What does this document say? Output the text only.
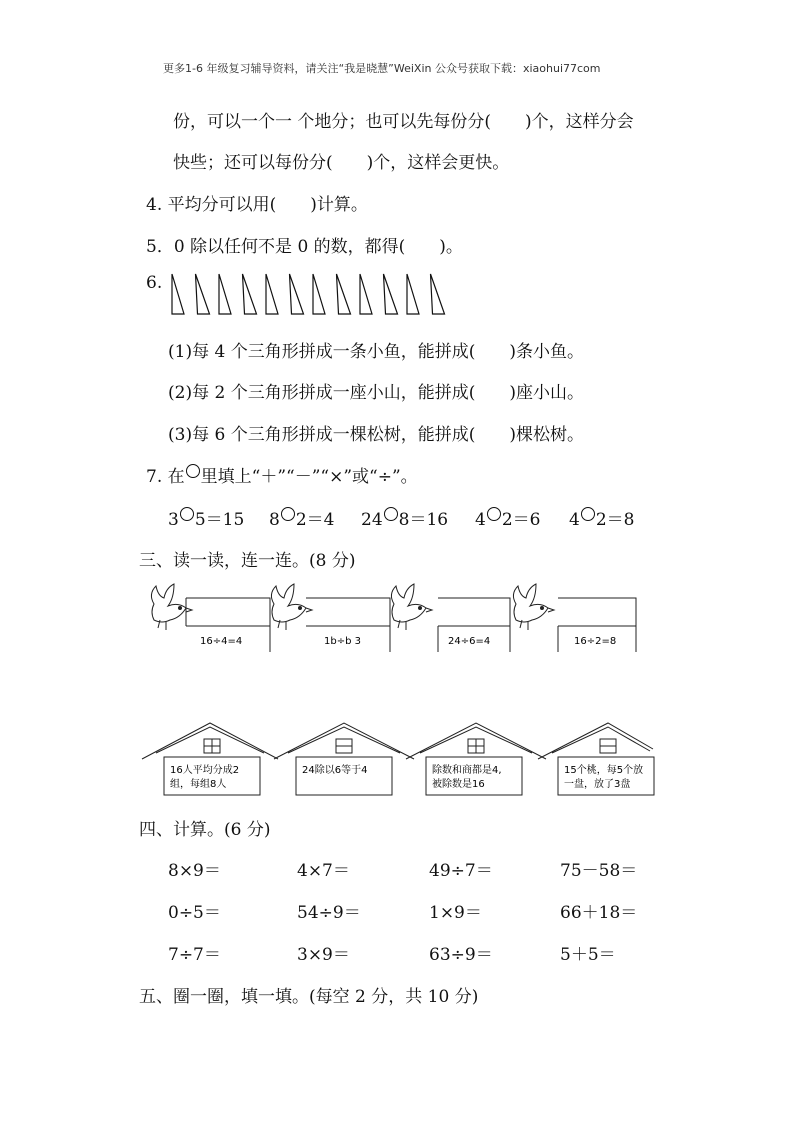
更多1-6 年级复习辅导资料，请关注“我是晓慧”WeiXin 公众号获取下载：xiaohui77com
份，可以一个一 个地分；也可以先每份分(　　)个，这样分会
快些；还可以每份分(　　)个，这样会更快。
4. 平均分可以用(　　)计算。
5．0 除以任何不是 0 的数，都得(　　)。
6.
(1)每 4 个三角形拼成一条小鱼，能拼成(　　)条小鱼。
(2)每 2 个三角形拼成一座小山，能拼成(　　)座小山。
(3)每 6 个三角形拼成一棵松树，能拼成(　　)棵松树。
7. 在 里填上“＋”“－”“×”或“÷”。
3 5＝15 8 2＝4 24 8＝16 4 2＝6 4 2＝8
三、读一读，连一连。(8 分)
16÷4=4	1b÷b 3	24÷6=4	16÷2=8
16人平均分成2
组，每组8人
24除以6等于4	除数和商都是4,
被除数是16
15个桃，每5个放
一盘，放了3盘
四、计算。(6 分)
8×9＝	4×7＝	49÷7＝	75－58＝
0÷5＝	54÷9＝	1×9＝	66＋18＝
7÷7＝	3×9＝	63÷9＝	5＋5＝
五、圈一圈，填一填。(每空 2 分，共 10 分)
